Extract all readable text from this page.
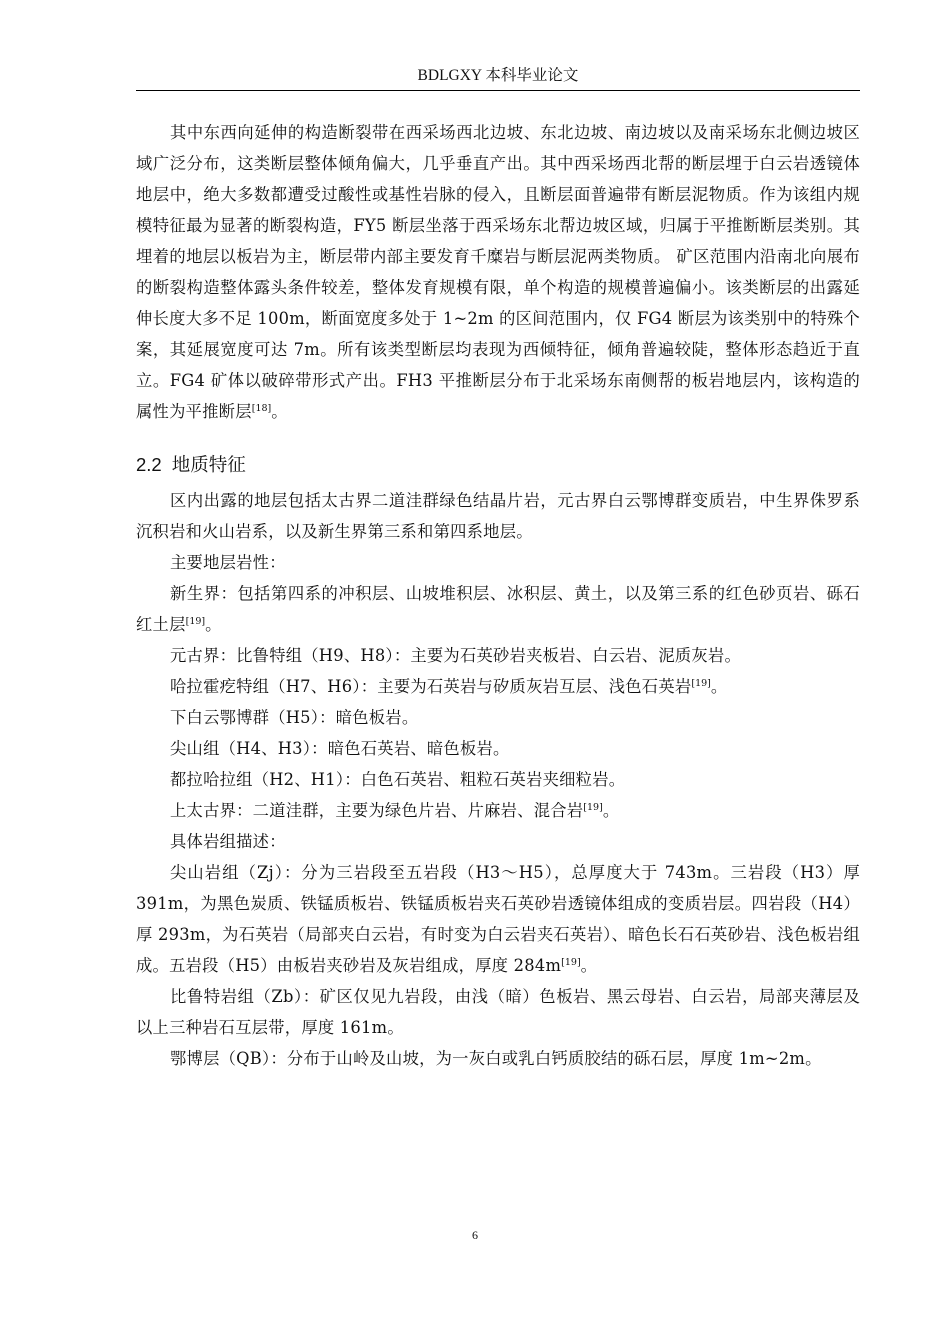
BDLGXY 本科毕业论文

其中东西向延伸的构造断裂带在西采场西北边坡、东北边坡、南边坡以及南采场东北侧边坡区域广泛分布，这类断层整体倾角偏大，几乎垂直产出。其中西采场西北帮的断层埋于白云岩透镜体地层中，绝大多数都遭受过酸性或基性岩脉的侵入，且断层面普遍带有断层泥物质。作为该组内规模特征最为显著的断裂构造，FY5 断层坐落于西采场东北帮边坡区域，归属于平推断断层类别。其埋着的地层以板岩为主，断层带内部主要发育千糜岩与断层泥两类物质。 矿区范围内沿南北向展布的断裂构造整体露头条件较差，整体发育规模有限，单个构造的规模普遍偏小。该类断层的出露延伸长度大多不足 100m，断面宽度多处于 1~2m 的区间范围内，仅 FG4 断层为该类别中的特殊个案，其延展宽度可达 7m。所有该类型断层均表现为西倾特征，倾角普遍较陡，整体形态趋近于直立。FG4 矿体以破碎带形式产出。FH3 平推断层分布于北采场东南侧帮的板岩地层内，该构造的属性为平推断层[18]。

2.2 地质特征

区内出露的地层包括太古界二道洼群绿色结晶片岩，元古界白云鄂博群变质岩，中生界侏罗系沉积岩和火山岩系，以及新生界第三系和第四系地层。

主要地层岩性：

新生界：包括第四系的冲积层、山坡堆积层、冰积层、黄土，以及第三系的红色砂页岩、砾石红土层[19]。

元古界：比鲁特组（H9、H8）：主要为石英砂岩夹板岩、白云岩、泥质灰岩。

哈拉霍疙特组（H7、H6）：主要为石英岩与矽质灰岩互层、浅色石英岩[19]。

下白云鄂博群（H5）：暗色板岩。

尖山组（H4、H3）：暗色石英岩、暗色板岩。

都拉哈拉组（H2、H1）：白色石英岩、粗粒石英岩夹细粒岩。

上太古界：二道洼群，主要为绿色片岩、片麻岩、混合岩[19]。

具体岩组描述：

尖山岩组（Zj）：分为三岩段至五岩段（H3～H5），总厚度大于 743m。三岩段（H3）厚 391m，为黑色炭质、铁锰质板岩、铁锰质板岩夹石英砂岩透镜体组成的变质岩层。四岩段（H4）厚 293m，为石英岩（局部夹白云岩，有时变为白云岩夹石英岩）、暗色长石石英砂岩、浅色板岩组成。五岩段（H5）由板岩夹砂岩及灰岩组成，厚度 284m[19]。

比鲁特岩组（Zb）：矿区仅见九岩段，由浅（暗）色板岩、黑云母岩、白云岩，局部夹薄层及以上三种岩石互层带，厚度 161m。

鄂博层（QB）：分布于山岭及山坡，为一灰白或乳白钙质胶结的砾石层，厚度 1m~2m。

6
